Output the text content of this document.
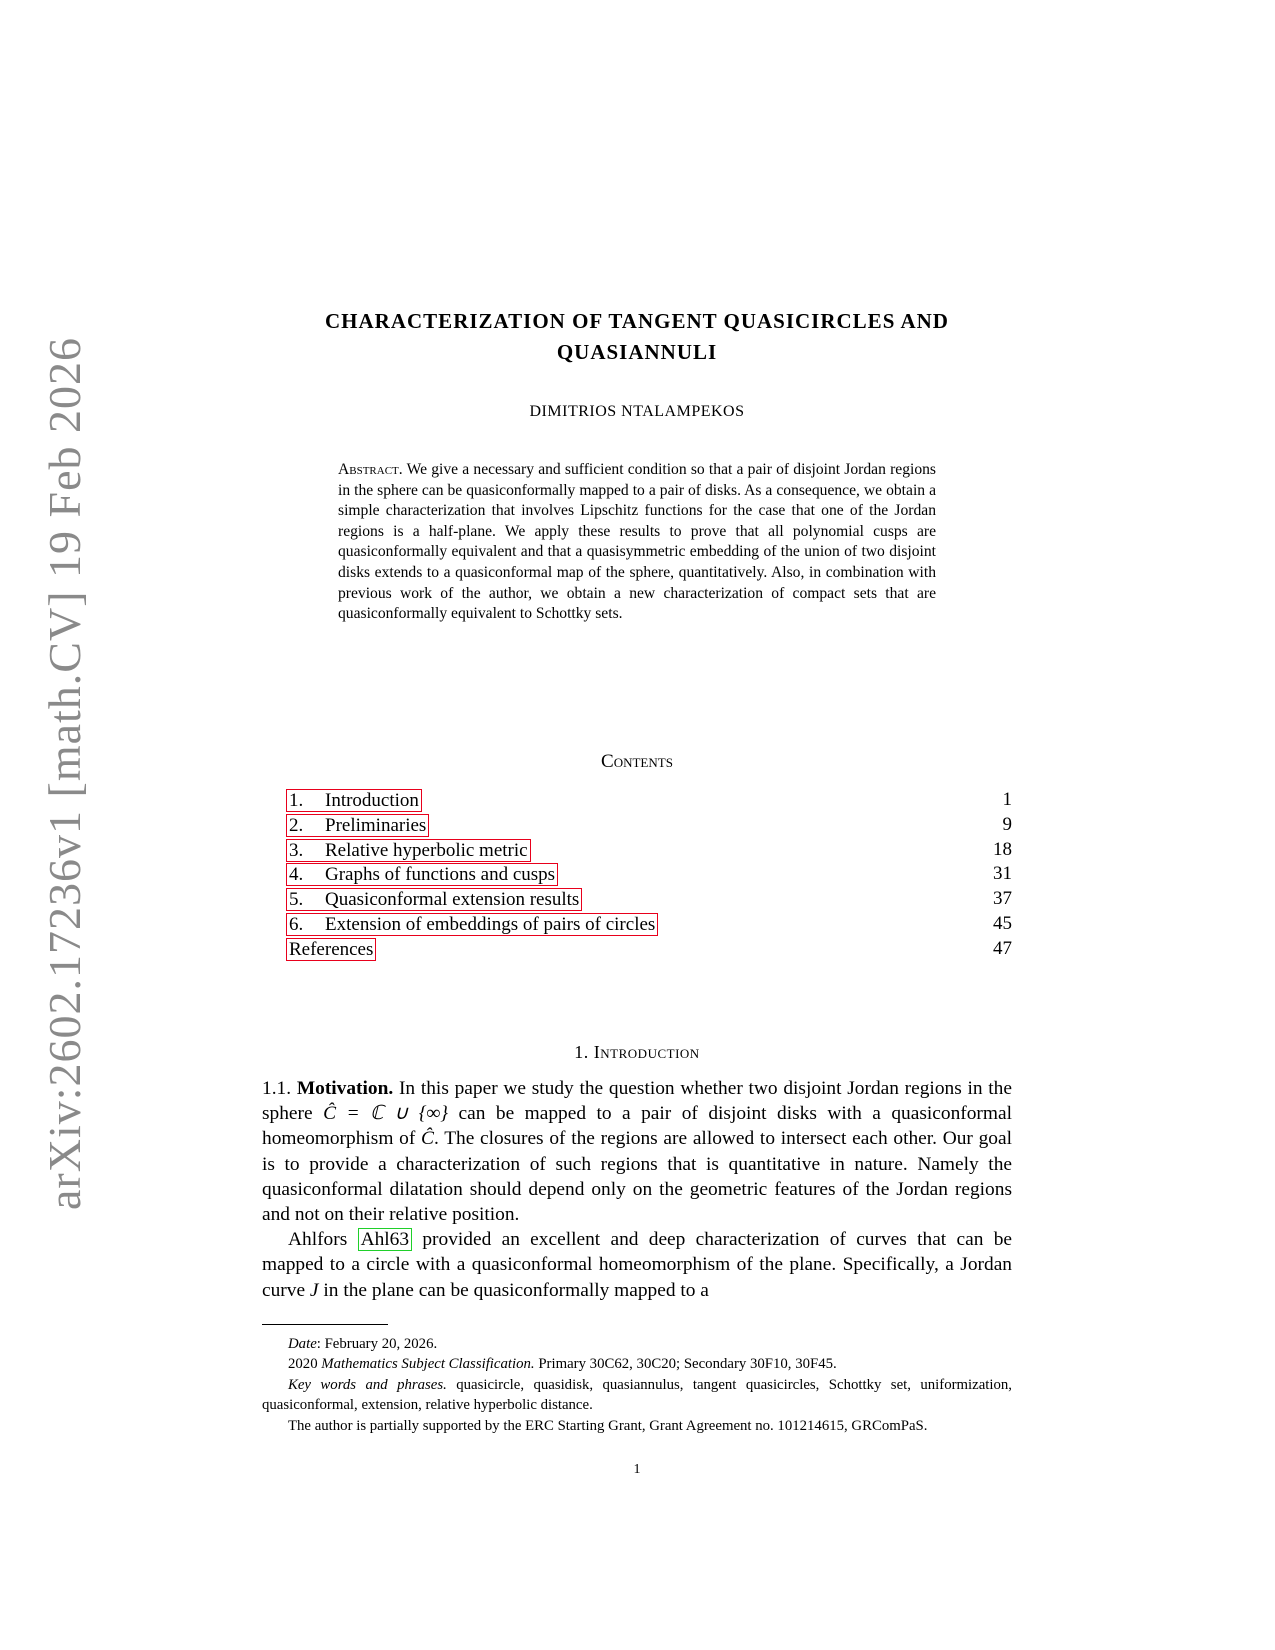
arXiv:2602.17236v1 [math.CV] 19 Feb 2026
CHARACTERIZATION OF TANGENT QUASICIRCLES AND
QUASIANNULI
DIMITRIOS NTALAMPEKOS
Abstract. We give a necessary and sufficient condition so that a pair of disjoint Jordan regions in the sphere can be quasiconformally mapped to a pair of disks. As a consequence, we obtain a simple characterization that involves Lipschitz functions for the case that one of the Jordan regions is a half-plane. We apply these results to prove that all polynomial cusps are quasiconformally equivalent and that a quasisymmetric embedding of the union of two disjoint disks extends to a quasiconformal map of the sphere, quantitatively. Also, in combination with previous work of the author, we obtain a new characterization of compact sets that are quasiconformally equivalent to Schottky sets.
Contents
1. Introduction	1
2. Preliminaries	9
3. Relative hyperbolic metric	18
4. Graphs of functions and cusps	31
5. Quasiconformal extension results	37
6. Extension of embeddings of pairs of circles	45
References	47
1. Introduction

1.1. Motivation. In this paper we study the question whether two disjoint Jordan regions in the sphere Ĉ = ℂ ∪ {∞} can be mapped to a pair of disjoint disks with a quasiconformal homeomorphism of Ĉ. The closures of the regions are allowed to intersect each other. Our goal is to provide a characterization of such regions that is quantitative in nature. Namely the quasiconformal dilatation should depend only on the geometric features of the Jordan regions and not on their relative position.

Ahlfors Ahl63 provided an excellent and deep characterization of curves that can be mapped to a circle with a quasiconformal homeomorphism of the plane. Specifically, a Jordan curve J in the plane can be quasiconformally mapped to a

Date: February 20, 2026.

2020 Mathematics Subject Classification. Primary 30C62, 30C20; Secondary 30F10, 30F45.

Key words and phrases. quasicircle, quasidisk, quasiannulus, tangent quasicircles, Schottky set, uniformization, quasiconformal, extension, relative hyperbolic distance.

The author is partially supported by the ERC Starting Grant, Grant Agreement no. 101214615, GRComPaS.

1
